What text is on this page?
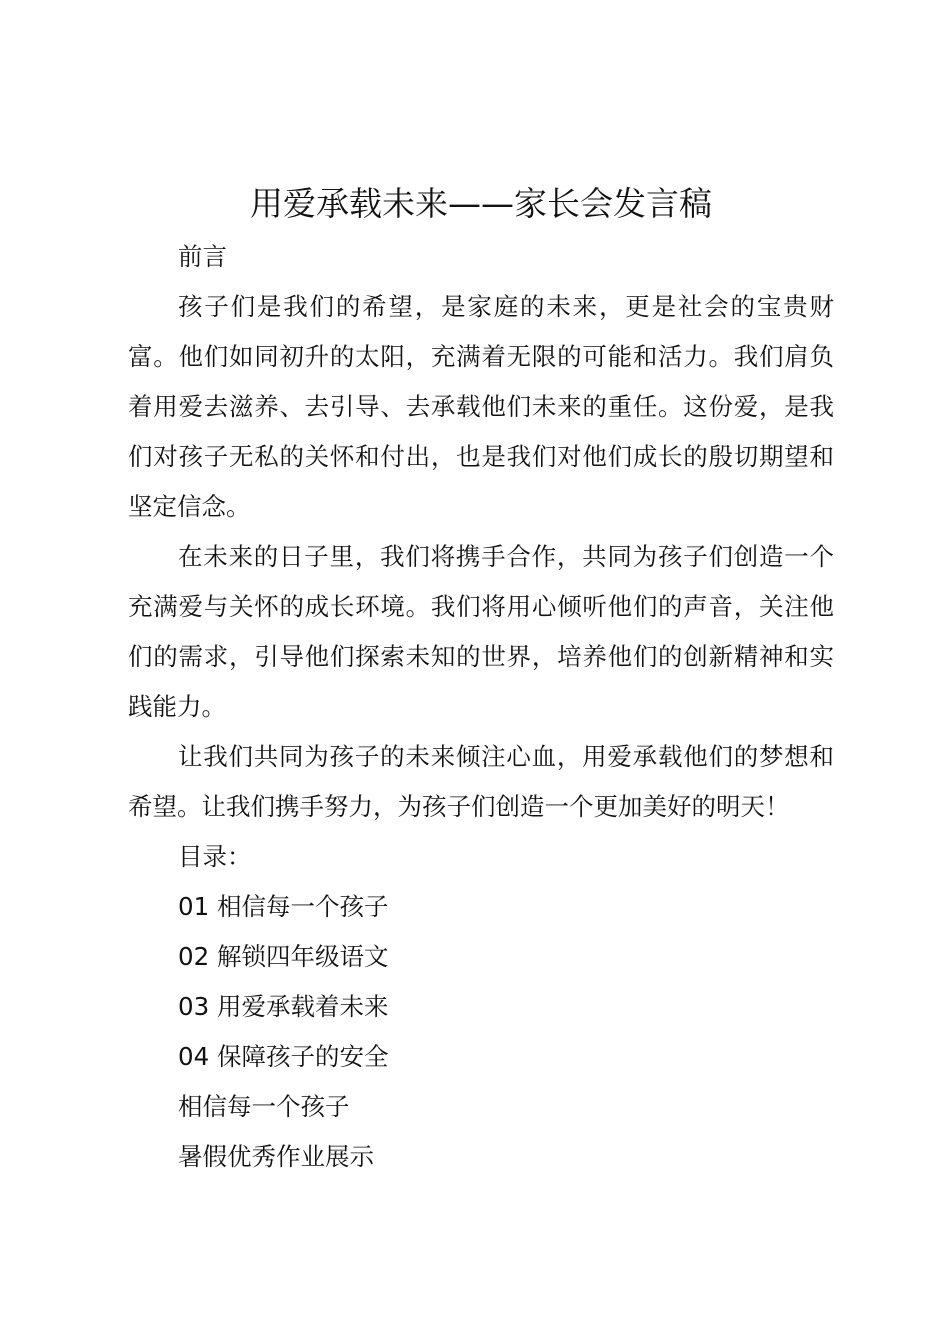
用爱承载未来——家长会发言稿

前言

孩子们是我们的希望，是家庭的未来，更是社会的宝贵财富。他们如同初升的太阳，充满着无限的可能和活力。我们肩负着用爱去滋养、去引导、去承载他们未来的重任。这份爱，是我们对孩子无私的关怀和付出，也是我们对他们成长的殷切期望和坚定信念。

在未来的日子里，我们将携手合作，共同为孩子们创造一个充满爱与关怀的成长环境。我们将用心倾听他们的声音，关注他们的需求，引导他们探索未知的世界，培养他们的创新精神和实践能力。

让我们共同为孩子的未来倾注心血，用爱承载他们的梦想和希望。让我们携手努力，为孩子们创造一个更加美好的明天！

目录：

01 相信每一个孩子

02 解锁四年级语文

03 用爱承载着未来

04 保障孩子的安全

相信每一个孩子

暑假优秀作业展示
